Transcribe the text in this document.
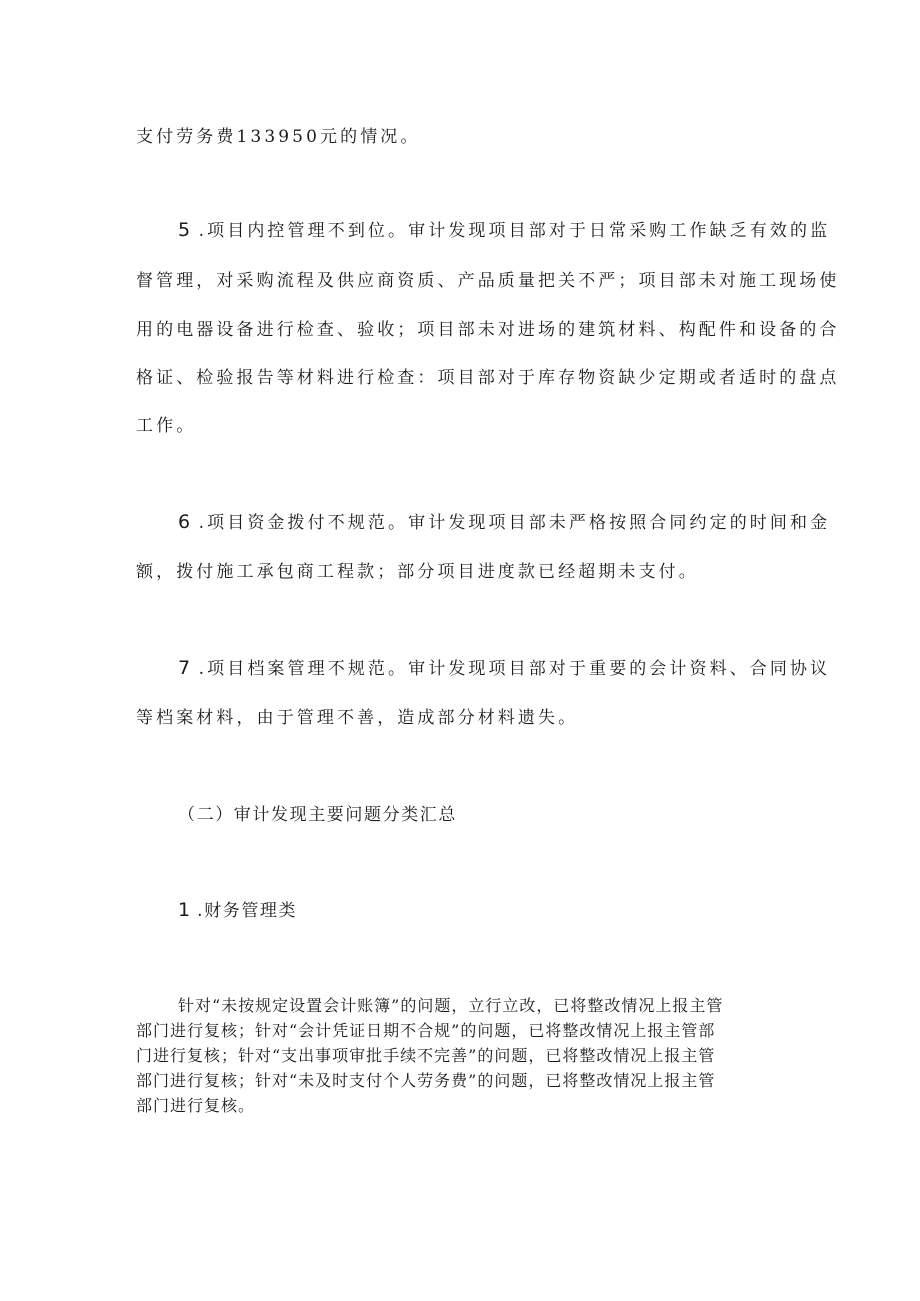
支付劳务费133950元的情况。
5 .项目内控管理不到位。审计发现项目部对于日常采购工作缺乏有效的监
督管理，对采购流程及供应商资质、产品质量把关不严；项目部未对施工现场使
用的电器设备进行检查、验收；项目部未对进场的建筑材料、构配件和设备的合
格证、检验报告等材料进行检查：项目部对于库存物资缺少定期或者适时的盘点
工作。
6 .项目资金拨付不规范。审计发现项目部未严格按照合同约定的时间和金
额，拨付施工承包商工程款；部分项目进度款已经超期未支付。
7 .项目档案管理不规范。审计发现项目部对于重要的会计资料、合同协议
等档案材料，由于管理不善，造成部分材料遗失。
（二）审计发现主要问题分类汇总
1 .财务管理类
针对“未按规定设置会计账簿”的问题，立行立改，已将整改情况上报主管
部门进行复核；针对“会计凭证日期不合规”的问题，已将整改情况上报主管部
门进行复核；针对“支出事项审批手续不完善”的问题，已将整改情况上报主管
部门进行复核；针对“未及时支付个人劳务费”的问题，已将整改情况上报主管
部门进行复核。
